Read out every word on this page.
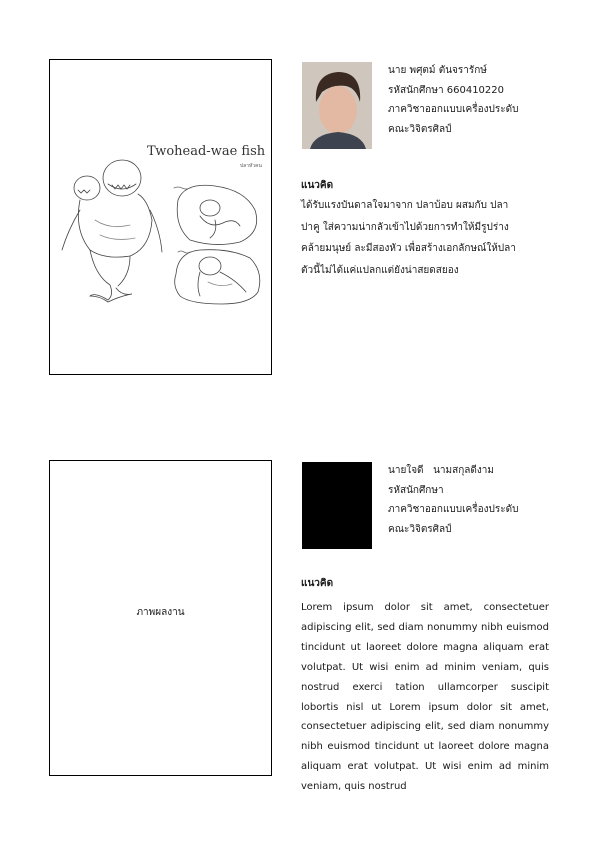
Twohead-wae fish
ปลาหัวคน
นาย พศุตม์ ตันจรารักษ์
รหัสนักศึกษา 660410220
ภาควิชาออกแบบเครื่องประดับ
คณะวิจิตรศิลป์
แนวคิด
ได้รับแรงบันดาลใจมาจาก ปลาบ้อบ ผสมกับ ปลา
ปาคู ใส่ความน่ากลัวเข้าไปด้วยการทำให้มีรูปร่าง
คล้ายมนุษย์ ละมีสองหัว เพื่อสร้างเอกลักษณ์ให้ปลา
ตัวนี้ไม่ได้แค่แปลกแต่ยังน่าสยดสยอง
ภาพผลงาน
นายใจดี   นามสกุลดีงาม
รหัสนักศึกษา
ภาควิชาออกแบบเครื่องประดับ
คณะวิจิตรศิลป์
แนวคิด
Lorem ipsum dolor sit amet, consectetuer adipiscing elit, sed diam nonummy nibh euismod tincidunt ut laoreet dolore magna aliquam erat volutpat. Ut wisi enim ad minim veniam, quis nostrud exerci tation ullamcorper suscipit lobortis nisl ut Lorem ipsum dolor sit amet, consectetuer adipiscing elit, sed diam nonummy nibh euismod tincidunt ut laoreet dolore magna aliquam erat volutpat. Ut wisi enim ad minim veniam, quis nostrud
